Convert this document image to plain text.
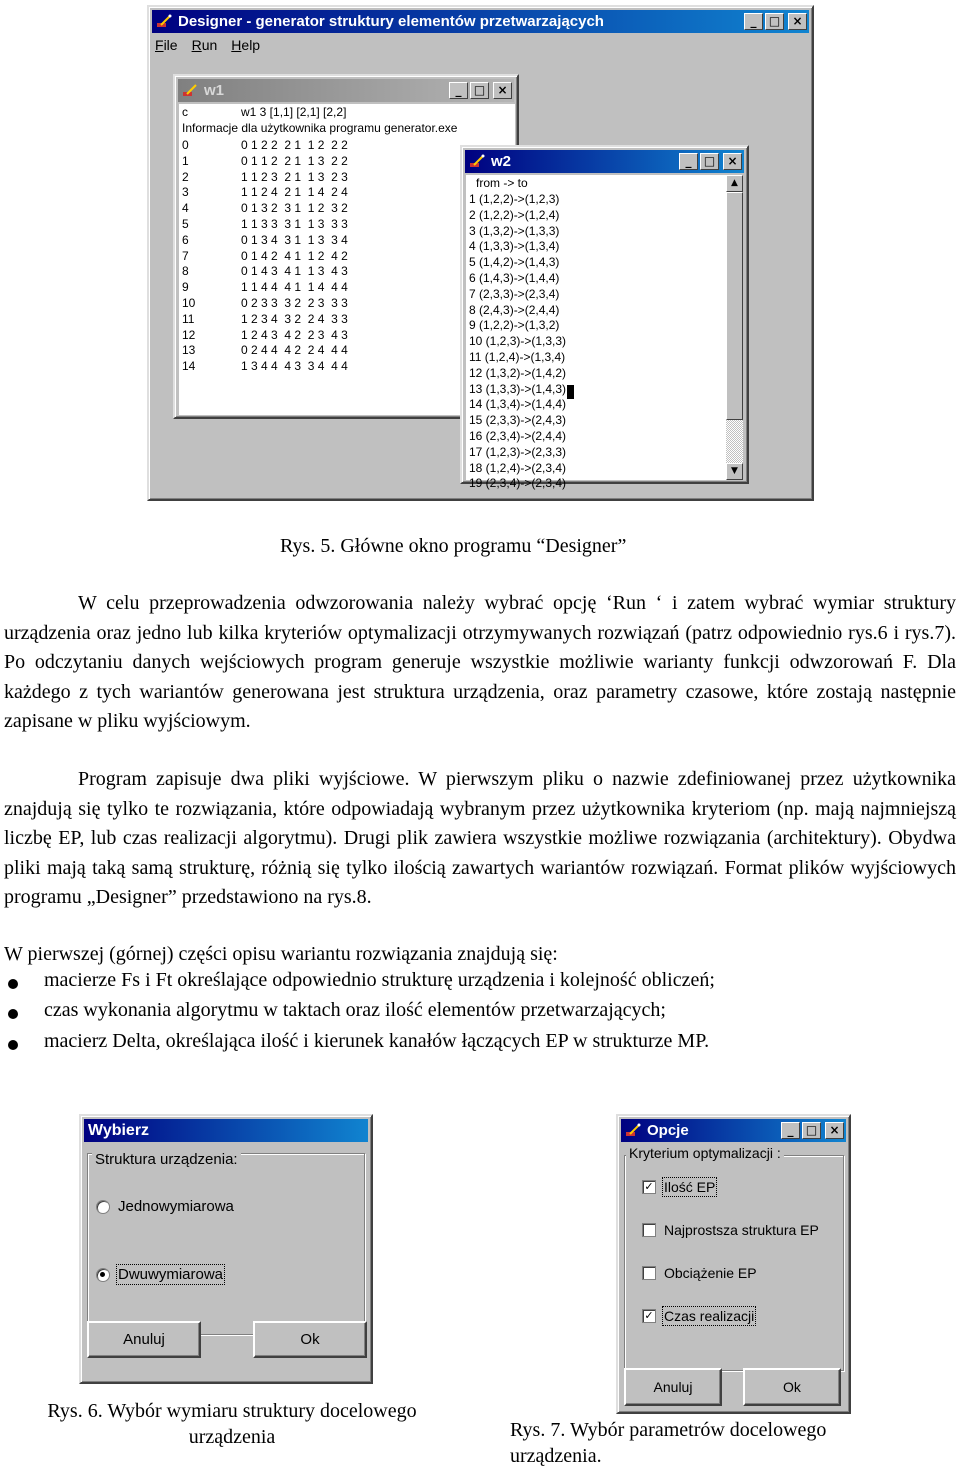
Designer - generator struktury elementów przetwarzających	_	□	×
File Run Help
w1	_	□	×
c	w1 3 [1,1] [2,1] [2,2]
Informacje dla użytkownika programu generator.exe
0	0 1 2 2  2 1  1 2  2 2
1	0 1 1 2  2 1  1 3  2 2
2	1 1 2 3  2 1  1 3  2 3
3	1 1 2 4  2 1  1 4  2 4
4	0 1 3 2  3 1  1 2  3 2
5	1 1 3 3  3 1  1 3  3 3
6	0 1 3 4  3 1  1 3  3 4
7	0 1 4 2  4 1  1 2  4 2
8	0 1 4 3  4 1  1 3  4 3
9	1 1 4 4  4 1  1 4  4 4
10	0 2 3 3  3 2  2 3  3 3
11	1 2 3 4  3 2  2 4  3 3
12	1 2 4 3  4 2  2 3  4 3
13	0 2 4 4  4 2  2 4  4 4
14	1 3 4 4  4 3  3 4  4 4
w2	_	□	×
from -> to
1 (1,2,2)->(1,2,3)
2 (1,2,2)->(1,2,4)
3 (1,3,2)->(1,3,3)
4 (1,3,3)->(1,3,4)
5 (1,4,2)->(1,4,3)
6 (1,4,3)->(1,4,4)
7 (2,3,3)->(2,3,4)
8 (2,4,3)->(2,4,4)
9 (1,2,2)->(1,3,2)
10 (1,2,3)->(1,3,3)
11 (1,2,4)->(1,3,4)
12 (1,3,2)->(1,4,2)
13 (1,3,3)->(1,4,3)
14 (1,3,4)->(1,4,4)
15 (2,3,3)->(2,4,3)
16 (2,3,4)->(2,4,4)
17 (1,2,3)->(2,3,3)
18 (1,2,4)->(2,3,4)
19 (2,3,4)->(2,3,4)
▲
▼
Rys. 5. Główne okno programu “Designer”

W celu przeprowadzenia odwzorowania należy wybrać opcję ‘Run ‘ i zatem wybrać wymiar struktury urządzenia oraz jedno lub kilka kryteriów optymalizacji otrzymywanych rozwiązań (patrz odpowiednio rys.6 i rys.7). Po odczytaniu danych wejściowych program generuje wszystkie możliwie warianty funkcji odwzorowań F. Dla każdego z tych wariantów generowana jest struktura urządzenia, oraz parametry czasowe, które zostają następnie zapisane w pliku wyjściowym.

Program zapisuje dwa pliki wyjściowe. W pierwszym pliku o nazwie zdefiniowanej przez użytkownika znajdują się tylko te rozwiązania, które odpowiadają wybranym przez użytkownika kryteriom (np. mają najmniejszą liczbę EP, lub czas realizacji algorytmu). Drugi plik zawiera wszystkie możliwe rozwiązania (architektury). Obydwa pliki mają taką samą strukturę, różnią się tylko ilością zawartych wariantów rozwiązań. Format plików wyjściowych programu „Designer” przedstawiono na rys.8.

W pierwszej (górnej) części opisu wariantu rozwiązania znajdują się:

macierze Fs i Ft określające odpowiednio strukturę urządzenia i kolejność obliczeń;
czas wykonania algorytmu w taktach oraz ilość elementów przetwarzających;
macierz Delta, określająca ilość i kierunek kanałów łączących EP w strukturze MP.
Wybierz
Struktura urządzenia:
Jednowymiarowa
Dwuwymiarowa
Anuluj	Ok
Opcje	_	□	×
Kryterium optymalizacji :
✓ Ilość EP
Najprostsza struktura EP
Obciążenie EP
✓ Czas realizacji
Anuluj	Ok
Rys. 6. Wybór wymiaru struktury docelowego
urządzenia	Rys. 7. Wybór parametrów docelowego
urządzenia.
